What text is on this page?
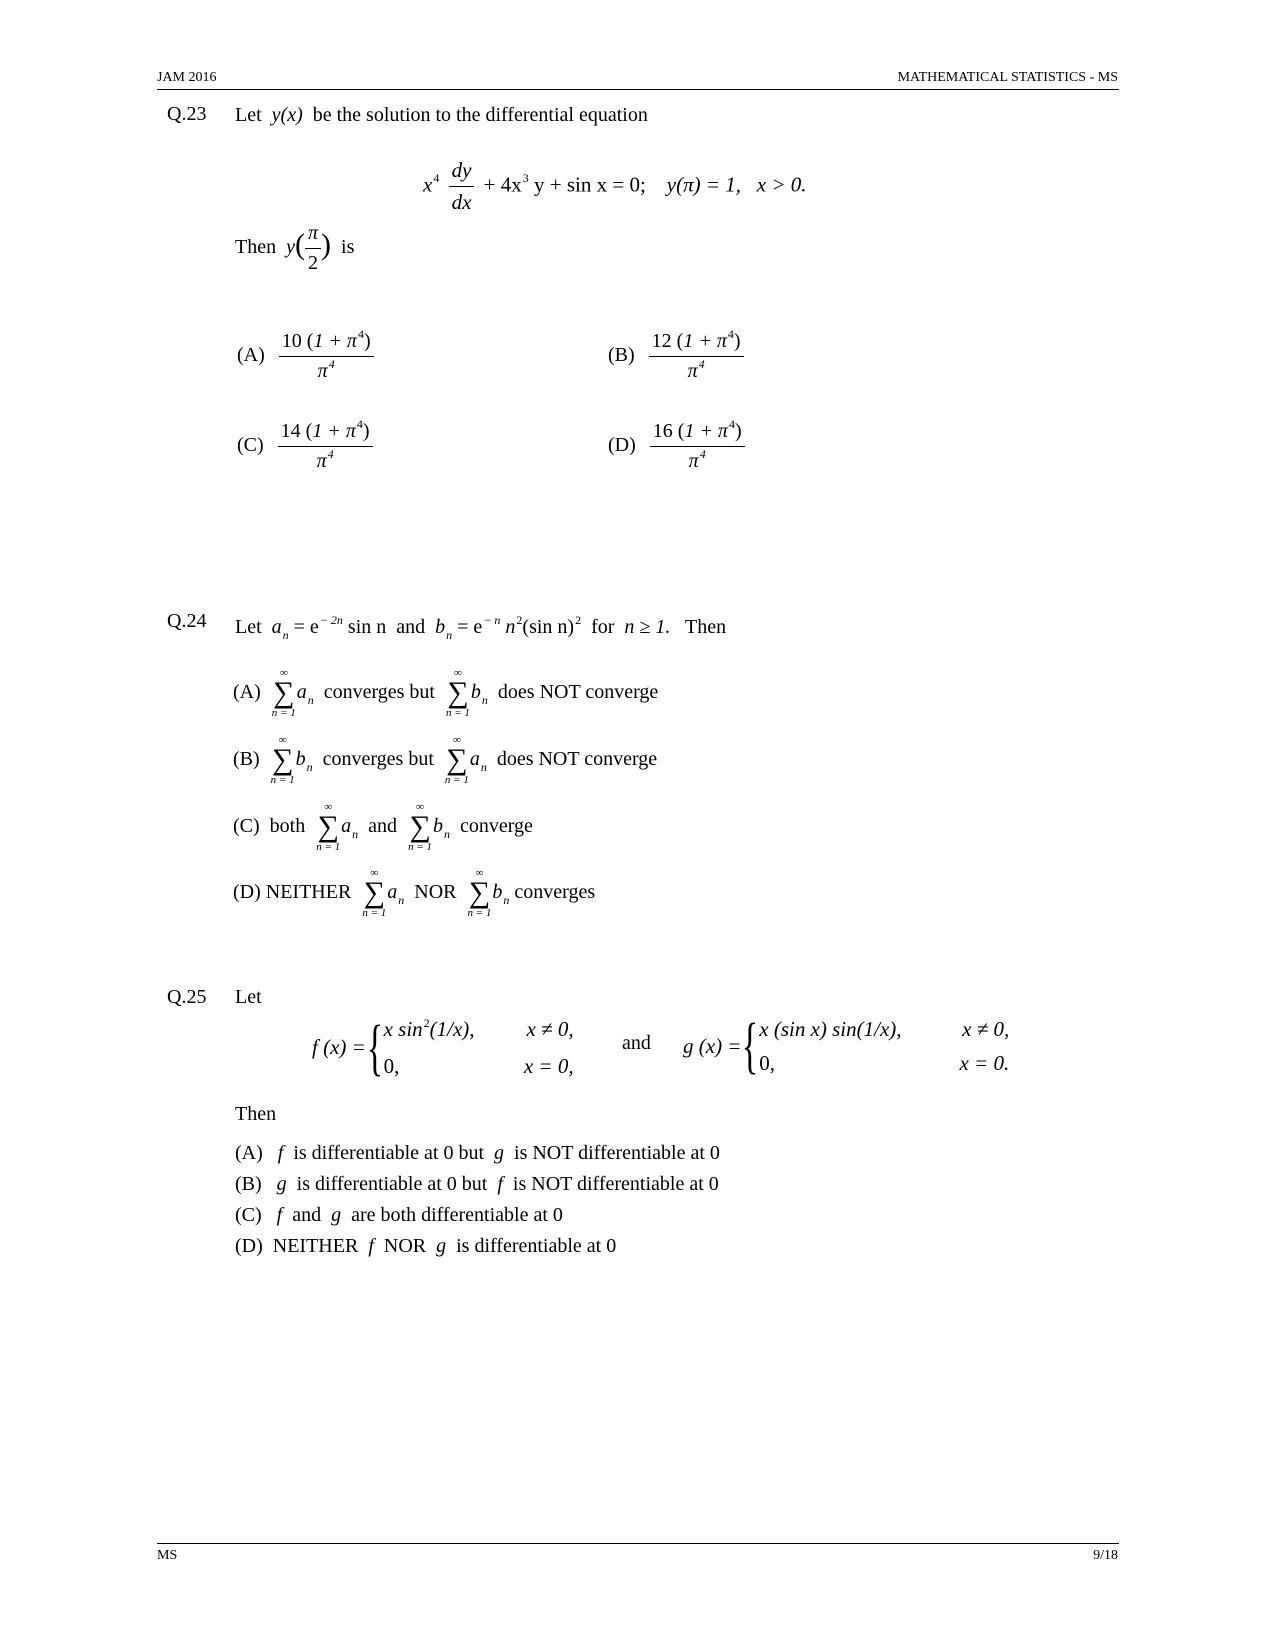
JAM 2016	MATHEMATICAL STATISTICS - MS
Q.23 Let y(x) be the solution to the differential equation
$x^4 \frac{dy}{dx} + 4x^3$ y + sin x = 0; y(π) = 1, x > 0.
Then $y( \frac{\pi}{2}$ ) is
$(A) \frac{10 (1 + \pi^4)}{\pi^4}$	$(B) \frac{12 (1 + \pi^4)}{\pi^4}$
$(C) \frac{14 (1 + \pi^4)}{\pi^4}$	$(D) \frac{16 (1 + \pi^4)}{\pi^4}$
Q.24 Let $a_n = e^{- 2n}$ sin n and $b_n = e^{- n}$ $n^2(\sin$ n)$^2$ for n ≥ 1. Then
(A)
∞
∑
n = 1
$a_n$ converges but
∞
∑
n = 1
$b_n$ does NOT converge
(B)
∞
∑
n = 1
$b_n$ converges but
∞
∑
n = 1
$a_n$ does NOT converge
(C) both
∞
∑
n = 1
$a_n$ and
∞
∑
n = 1
$b_n$ converge
(D) NEITHER
∞
∑
n = 1
$a_n$ NOR
∞
∑
n = 1
$b_n$ converges
Q.25 Let
f (x) = { x $\sin^2(1/x)$, x ≠ 0,
0,	x = 0,
and g (x) = { x (sin x) sin(1/x),	x ≠ 0,
0,	x = 0.
Then
(A) f is differentiable at 0 but g is NOT differentiable at 0
(B) g is differentiable at 0 but f is NOT differentiable at 0
(C) f and g are both differentiable at 0
(D) NEITHER f NOR g is differentiable at 0
MS	9/18
